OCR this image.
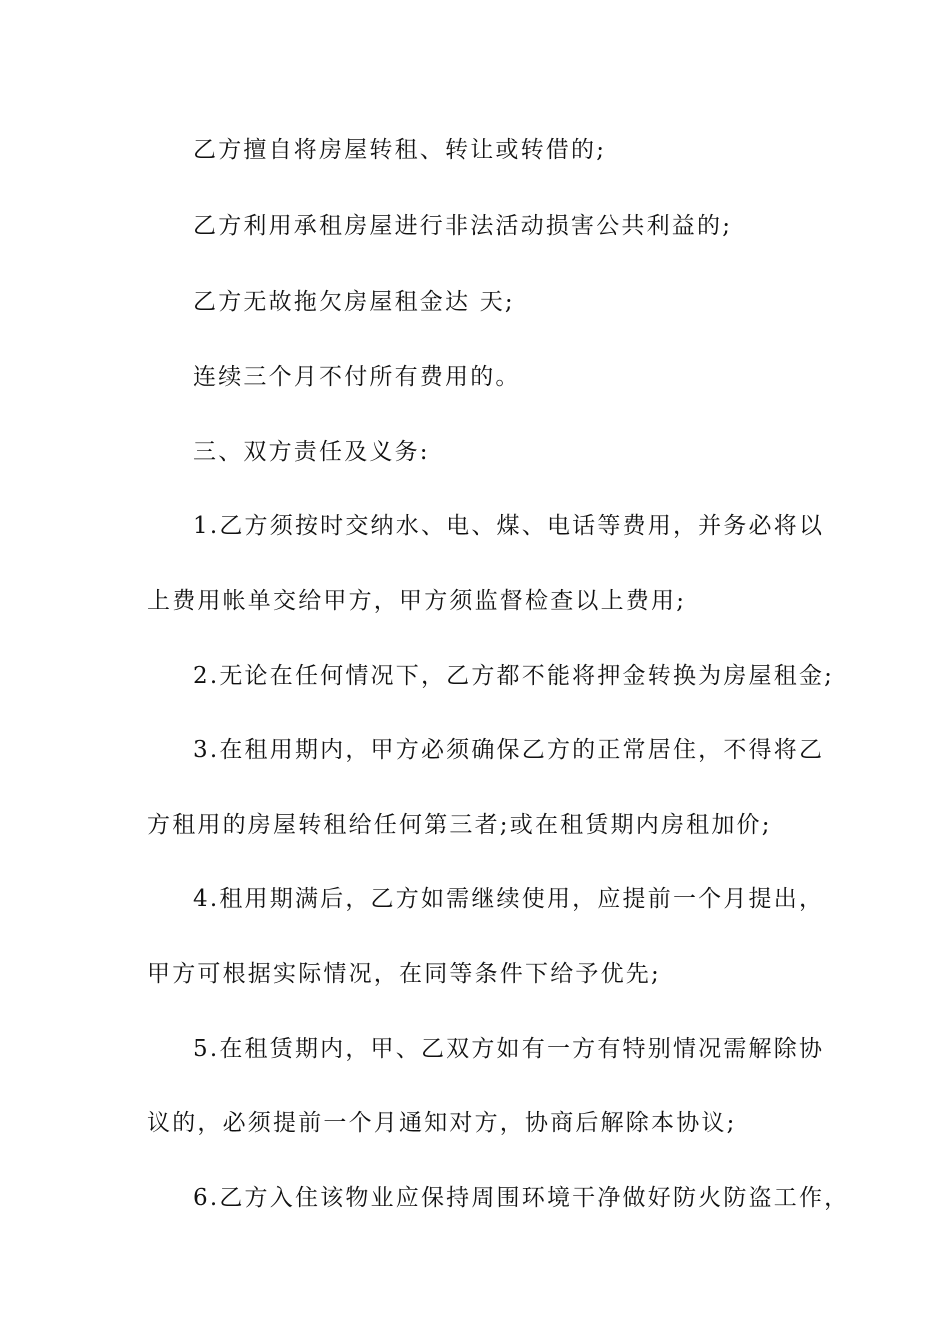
乙方擅自将房屋转租、转让或转借的;
乙方利用承租房屋进行非法活动损害公共利益的;
乙方无故拖欠房屋租金达 天;
连续三个月不付所有费用的。
三、双方责任及义务:
1.乙方须按时交纳水、电、煤、电话等费用，并务必将以
上费用帐单交给甲方，甲方须监督检查以上费用;
2.无论在任何情况下，乙方都不能将押金转换为房屋租金;
3.在租用期内，甲方必须确保乙方的正常居住，不得将乙
方租用的房屋转租给任何第三者;或在租赁期内房租加价;
4.租用期满后，乙方如需继续使用，应提前一个月提出，
甲方可根据实际情况，在同等条件下给予优先;
5.在租赁期内，甲、乙双方如有一方有特别情况需解除协
议的，必须提前一个月通知对方，协商后解除本协议;
6.乙方入住该物业应保持周围环境干净做好防火防盗工作，
